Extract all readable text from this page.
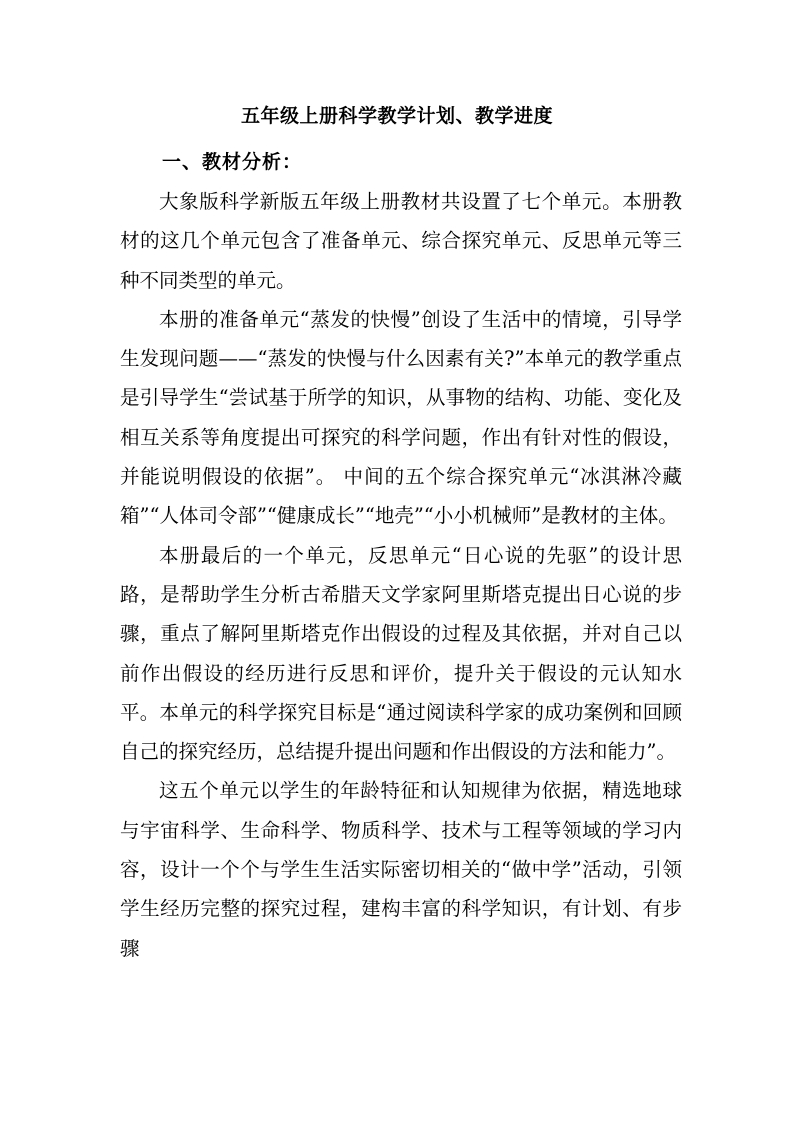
五年级上册科学教学计划、教学进度
一、教材分析：

大象版科学新版五年级上册教材共设置了七个单元。本册教材的这几个单元包含了准备单元、综合探究单元、反思单元等三种不同类型的单元。

本册的准备单元“蒸发的快慢”创设了生活中的情境，引导学生发现问题——“蒸发的快慢与什么因素有关?”本单元的教学重点是引导学生“尝试基于所学的知识，从事物的结构、功能、变化及相互关系等角度提出可探究的科学问题，作出有针对性的假设，并能说明假设的依据”。 中间的五个综合探究单元“冰淇淋冷藏箱”“人体司令部”“健康成长”“地壳”“小小机械师”是教材的主体。

本册最后的一个单元，反思单元“日心说的先驱”的设计思路，是帮助学生分析古希腊天文学家阿里斯塔克提出日心说的步骤，重点了解阿里斯塔克作出假设的过程及其依据，并对自己以前作出假设的经历进行反思和评价，提升关于假设的元认知水平。本单元的科学探究目标是“通过阅读科学家的成功案例和回顾自己的探究经历，总结提升提出问题和作出假设的方法和能力”。

这五个单元以学生的年龄特征和认知规律为依据，精选地球与宇宙科学、生命科学、物质科学、技术与工程等领域的学习内容，设计一个个与学生生活实际密切相关的“做中学”活动，引领学生经历完整的探究过程，建构丰富的科学知识，有计划、有步骤
